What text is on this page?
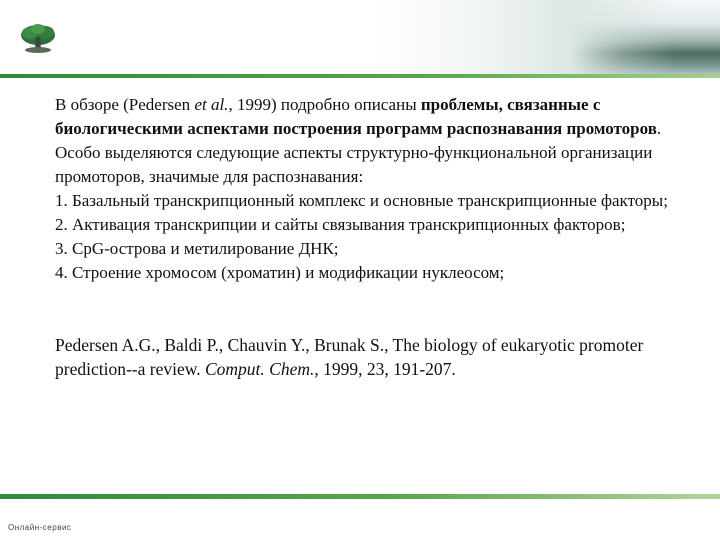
В обзоре (Pedersen et al., 1999) подробно описаны проблемы, связанные с биологическими аспектами построения программ распознавания промоторов. Особо выделяются следующие аспекты структурно-функциональной организации промоторов, значимые для распознавания:

1. Базальный транскрипционный комплекс и основные транскрипционные факторы;

2. Активация транскрипции и сайты связывания транскрипционных факторов;

3. CpG-острова и метилирование ДНК;

4. Строение хромосом (хроматин) и модификации нуклеосом;

Pedersen A.G., Baldi P., Chauvin Y., Brunak S., The biology of eukaryotic promoter prediction--a review. Comput. Chem., 1999, 23, 191-207.

Онлайн-сервис
